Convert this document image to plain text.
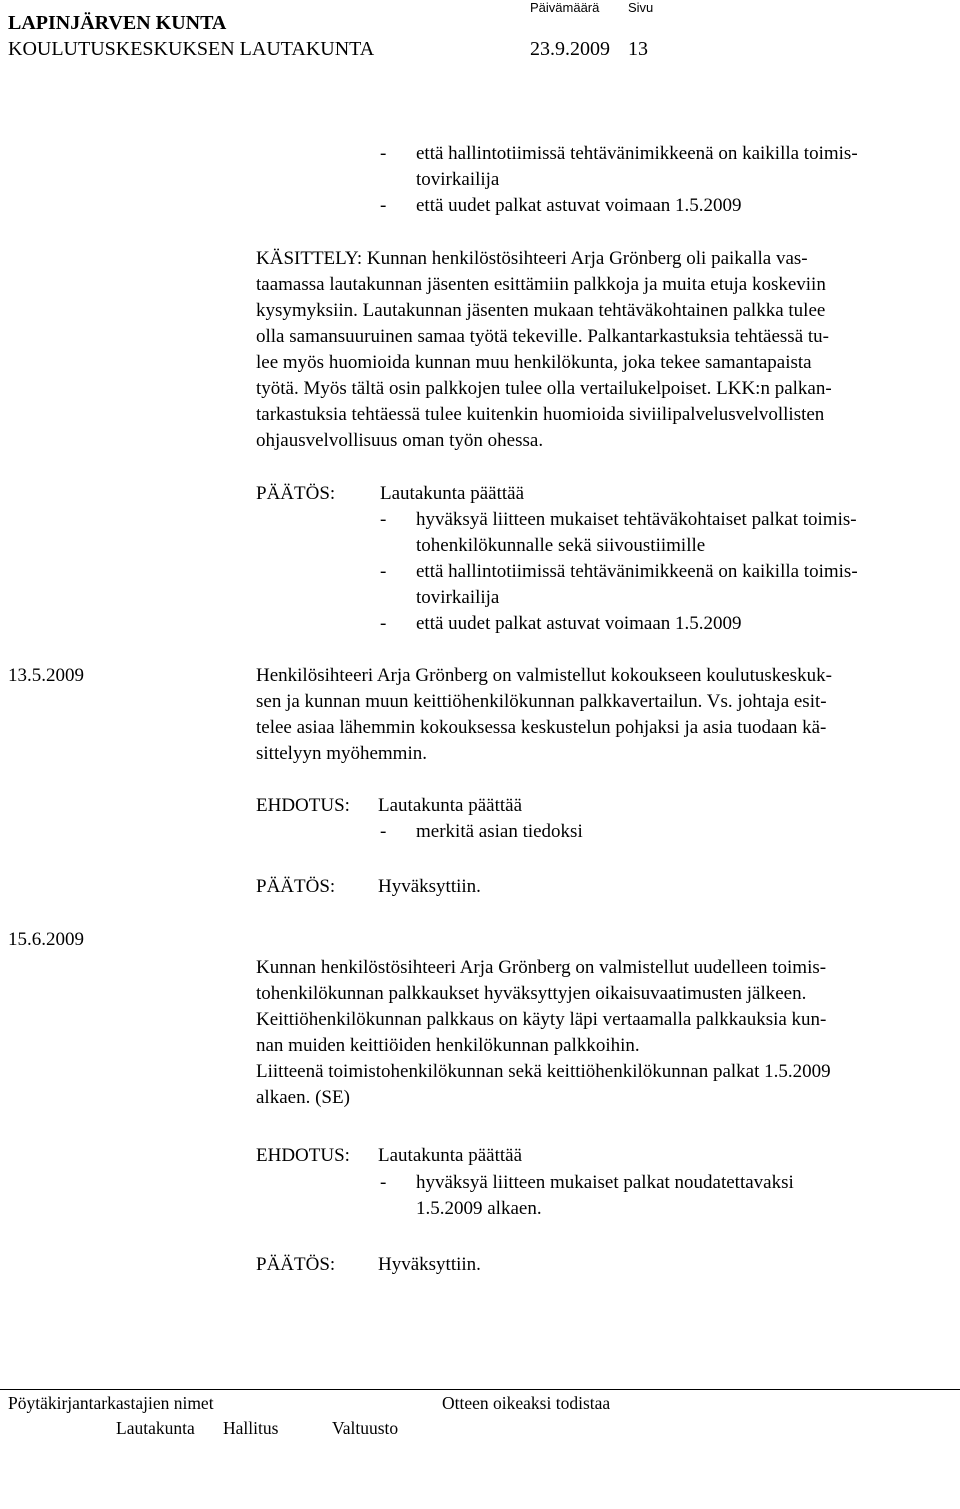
LAPINJÄRVEN KUNTA
Päivämäärä Sivu
KOULUTUSKESKUKSEN LAUTAKUNTA	23.9.2009 13
- että hallintotiimissä tehtävänimikkeenä on kaikilla toimis-
tovirkailija
- että uudet palkat astuvat voimaan 1.5.2009
KÄSITTELY: Kunnan henkilöstösihteeri Arja Grönberg oli paikalla vas-
taamassa lautakunnan jäsenten esittämiin palkkoja ja muita etuja koskeviin
kysymyksiin. Lautakunnan jäsenten mukaan tehtäväkohtainen palkka tulee
olla samansuuruinen samaa työtä tekeville. Palkantarkastuksia tehtäessä tu-
lee myös huomioida kunnan muu henkilökunta, joka tekee samantapaista
työtä. Myös tältä osin palkkojen tulee olla vertailukelpoiset. LKK:n palkan-
tarkastuksia tehtäessä tulee kuitenkin huomioida siviilipalvelusvelvollisten
ohjausvelvollisuus oman työn ohessa.
PÄÄTÖS: Lautakunta päättää
- hyväksyä liitteen mukaiset tehtäväkohtaiset palkat toimis-
tohenkilökunnalle sekä siivoustiimille
- että hallintotiimissä tehtävänimikkeenä on kaikilla toimis-
tovirkailija
- että uudet palkat astuvat voimaan 1.5.2009
13.5.2009	Henkilösihteeri Arja Grönberg on valmistellut kokoukseen koulutuskeskuk-
sen ja kunnan muun keittiöhenkilökunnan palkkavertailun. Vs. johtaja esit-
telee asiaa lähemmin kokouksessa keskustelun pohjaksi ja asia tuodaan kä-
sittelyyn myöhemmin.
EHDOTUS: Lautakunta päättää
- merkitä asian tiedoksi
PÄÄTÖS: Hyväksyttiin.
15.6.2009
Kunnan henkilöstösihteeri Arja Grönberg on valmistellut uudelleen toimis-
tohenkilökunnan palkkaukset hyväksyttyjen oikaisuvaatimusten jälkeen.
Keittiöhenkilökunnan palkkaus on käyty läpi vertaamalla palkkauksia kun-
nan muiden keittiöiden henkilökunnan palkkoihin.
Liitteenä toimistohenkilökunnan sekä keittiöhenkilökunnan palkat 1.5.2009
alkaen. (SE)
EHDOTUS: Lautakunta päättää
- hyväksyä liitteen mukaiset palkat noudatettavaksi
1.5.2009 alkaen.
PÄÄTÖS: Hyväksyttiin.
Pöytäkirjantarkastajien nimet	Otteen oikeaksi todistaa
Lautakunta Hallitus	Valtuusto
